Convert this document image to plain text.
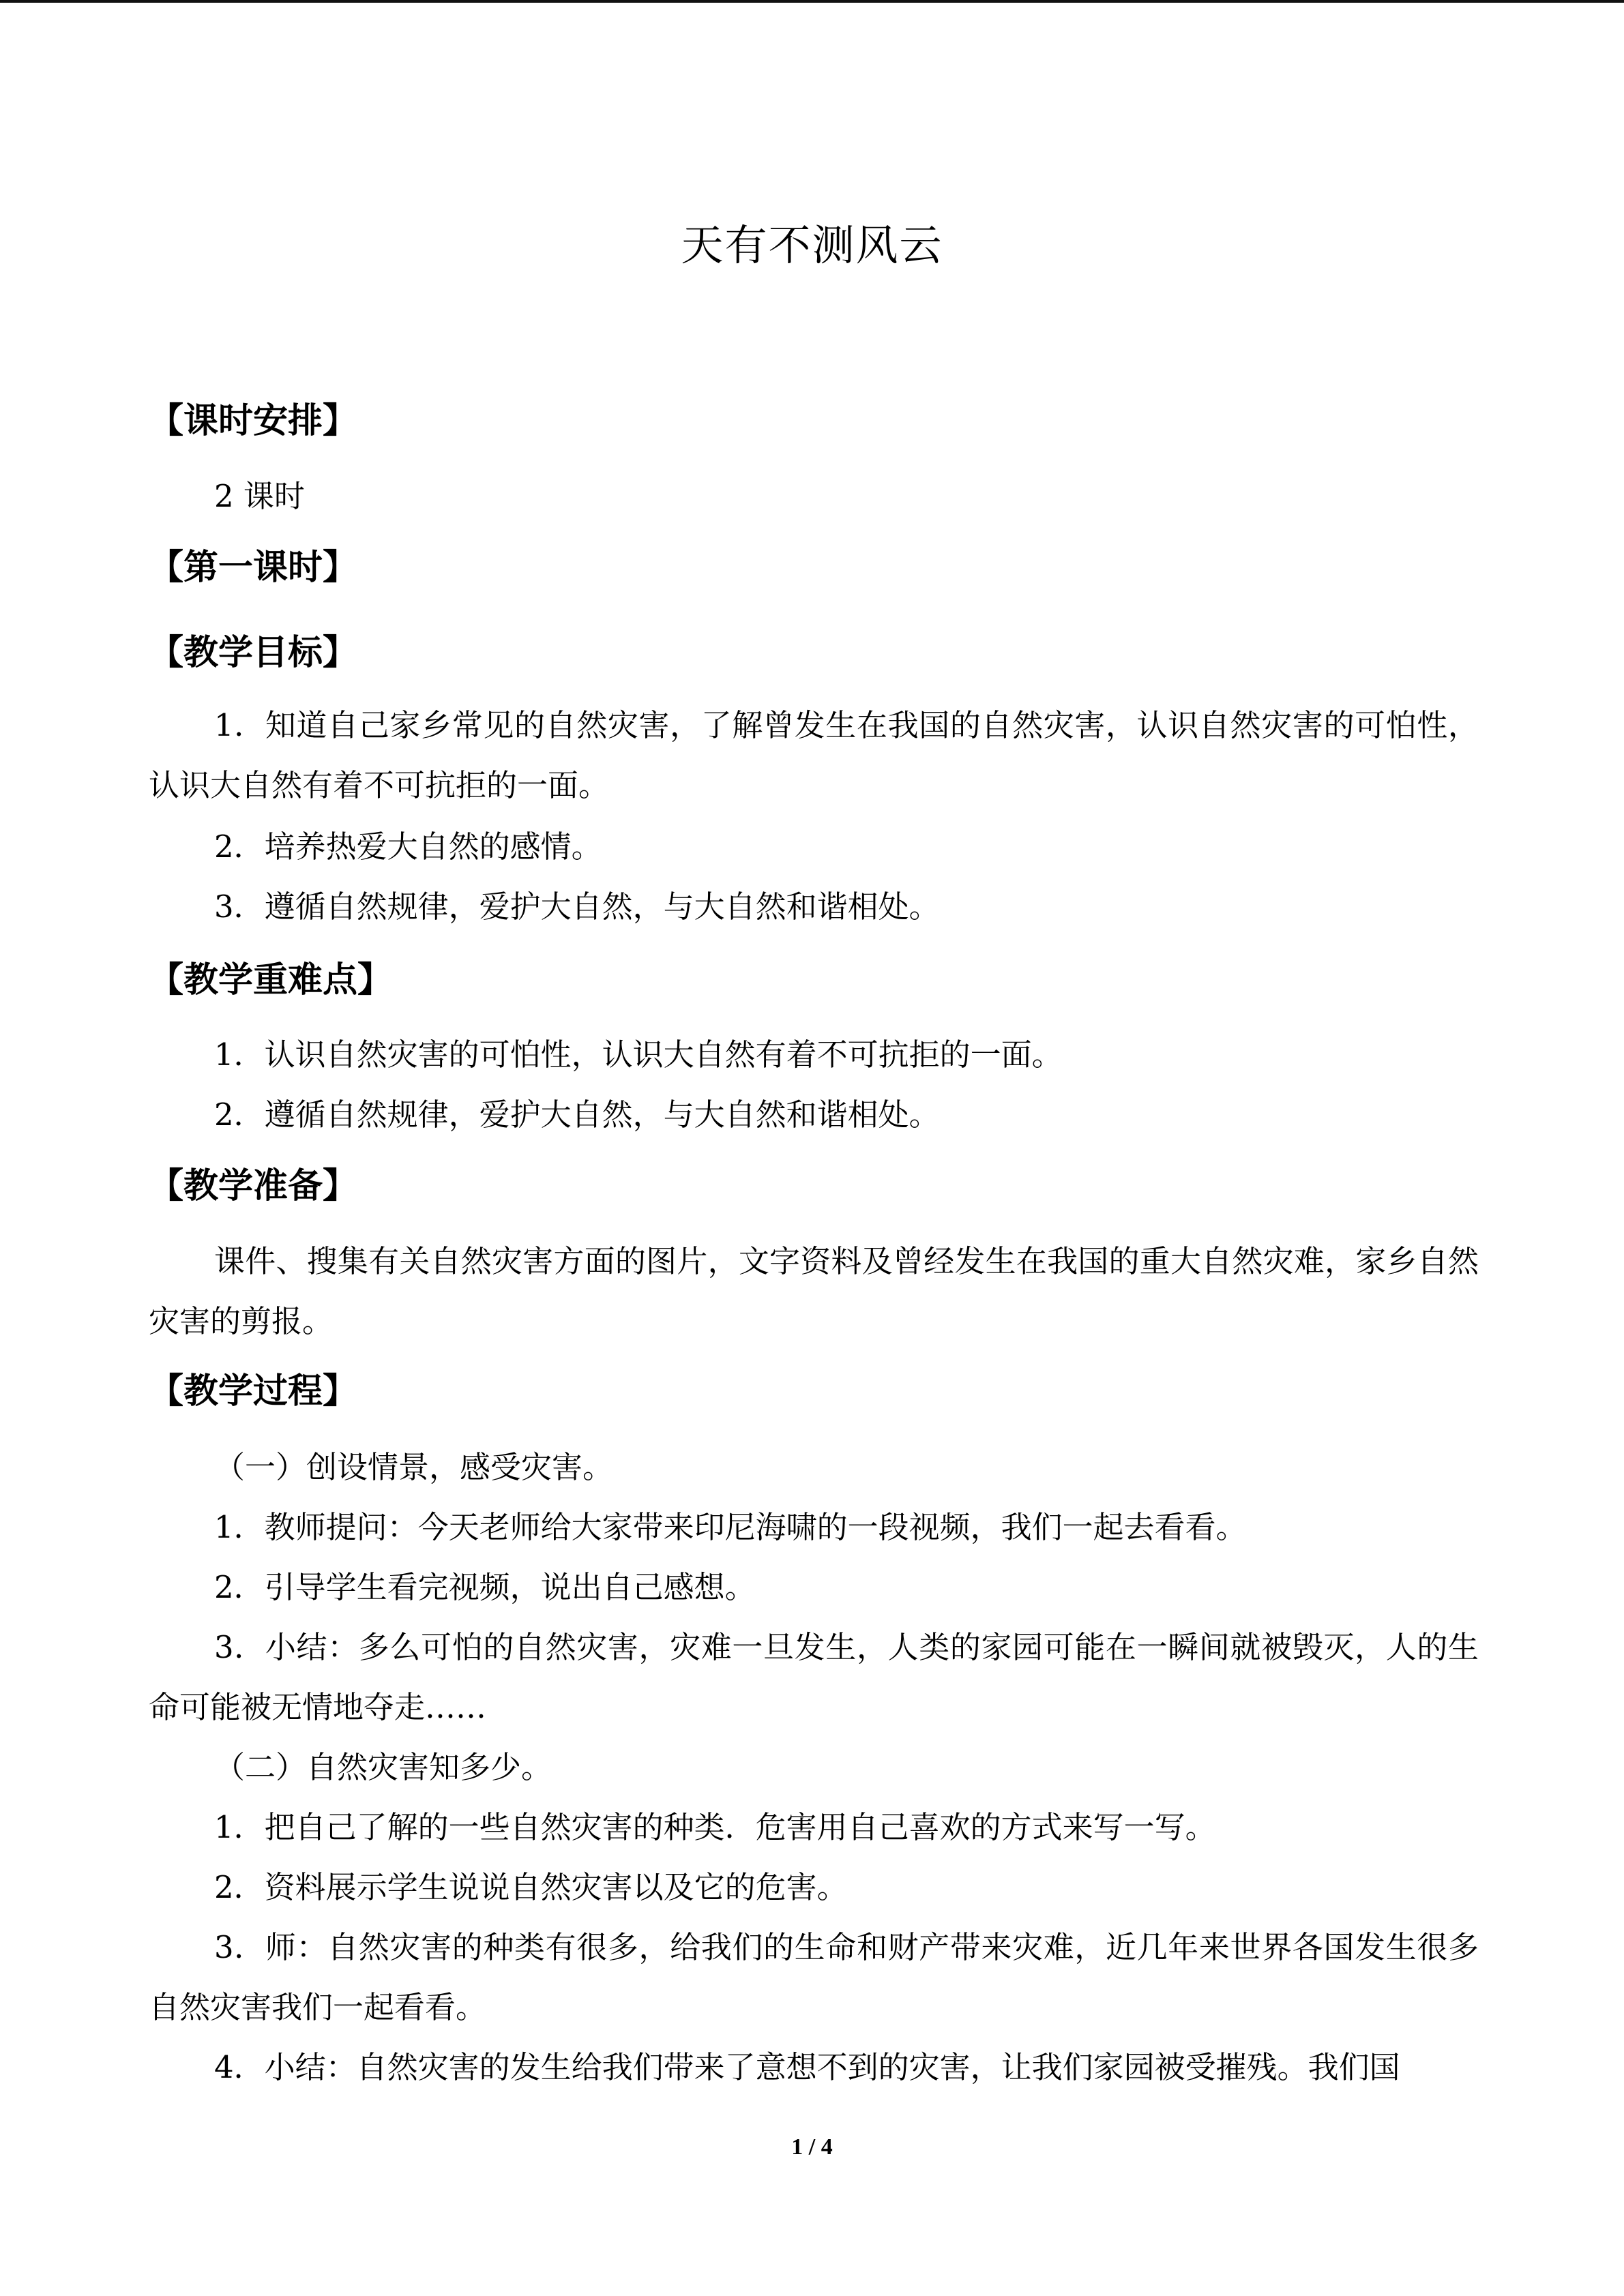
天有不测风云
【课时安排】

2 课时

【第一课时】
【教学目标】

1．知道自己家乡常见的自然灾害，了解曾发生在我国的自然灾害，认识自然灾害的可怕性，认识大自然有着不可抗拒的一面。

2．培养热爱大自然的感情。

3．遵循自然规律，爱护大自然，与大自然和谐相处。

【教学重难点】

1．认识自然灾害的可怕性，认识大自然有着不可抗拒的一面。

2．遵循自然规律，爱护大自然，与大自然和谐相处。

【教学准备】

课件、搜集有关自然灾害方面的图片，文字资料及曾经发生在我国的重大自然灾难，家乡自然灾害的剪报。

【教学过程】

（一）创设情景，感受灾害。

1．教师提问：今天老师给大家带来印尼海啸的一段视频，我们一起去看看。

2．引导学生看完视频，说出自己感想。

3．小结：多么可怕的自然灾害，灾难一旦发生，人类的家园可能在一瞬间就被毁灭，人的生命可能被无情地夺走……

（二）自然灾害知多少。

1．把自己了解的一些自然灾害的种类．危害用自己喜欢的方式来写一写。

2．资料展示学生说说自然灾害以及它的危害。

3．师：自然灾害的种类有很多，给我们的生命和财产带来灾难，近几年来世界各国发生很多自然灾害我们一起看看。

4．小结：自然灾害的发生给我们带来了意想不到的灾害，让我们家园被受摧残。我们国

1 / 4
